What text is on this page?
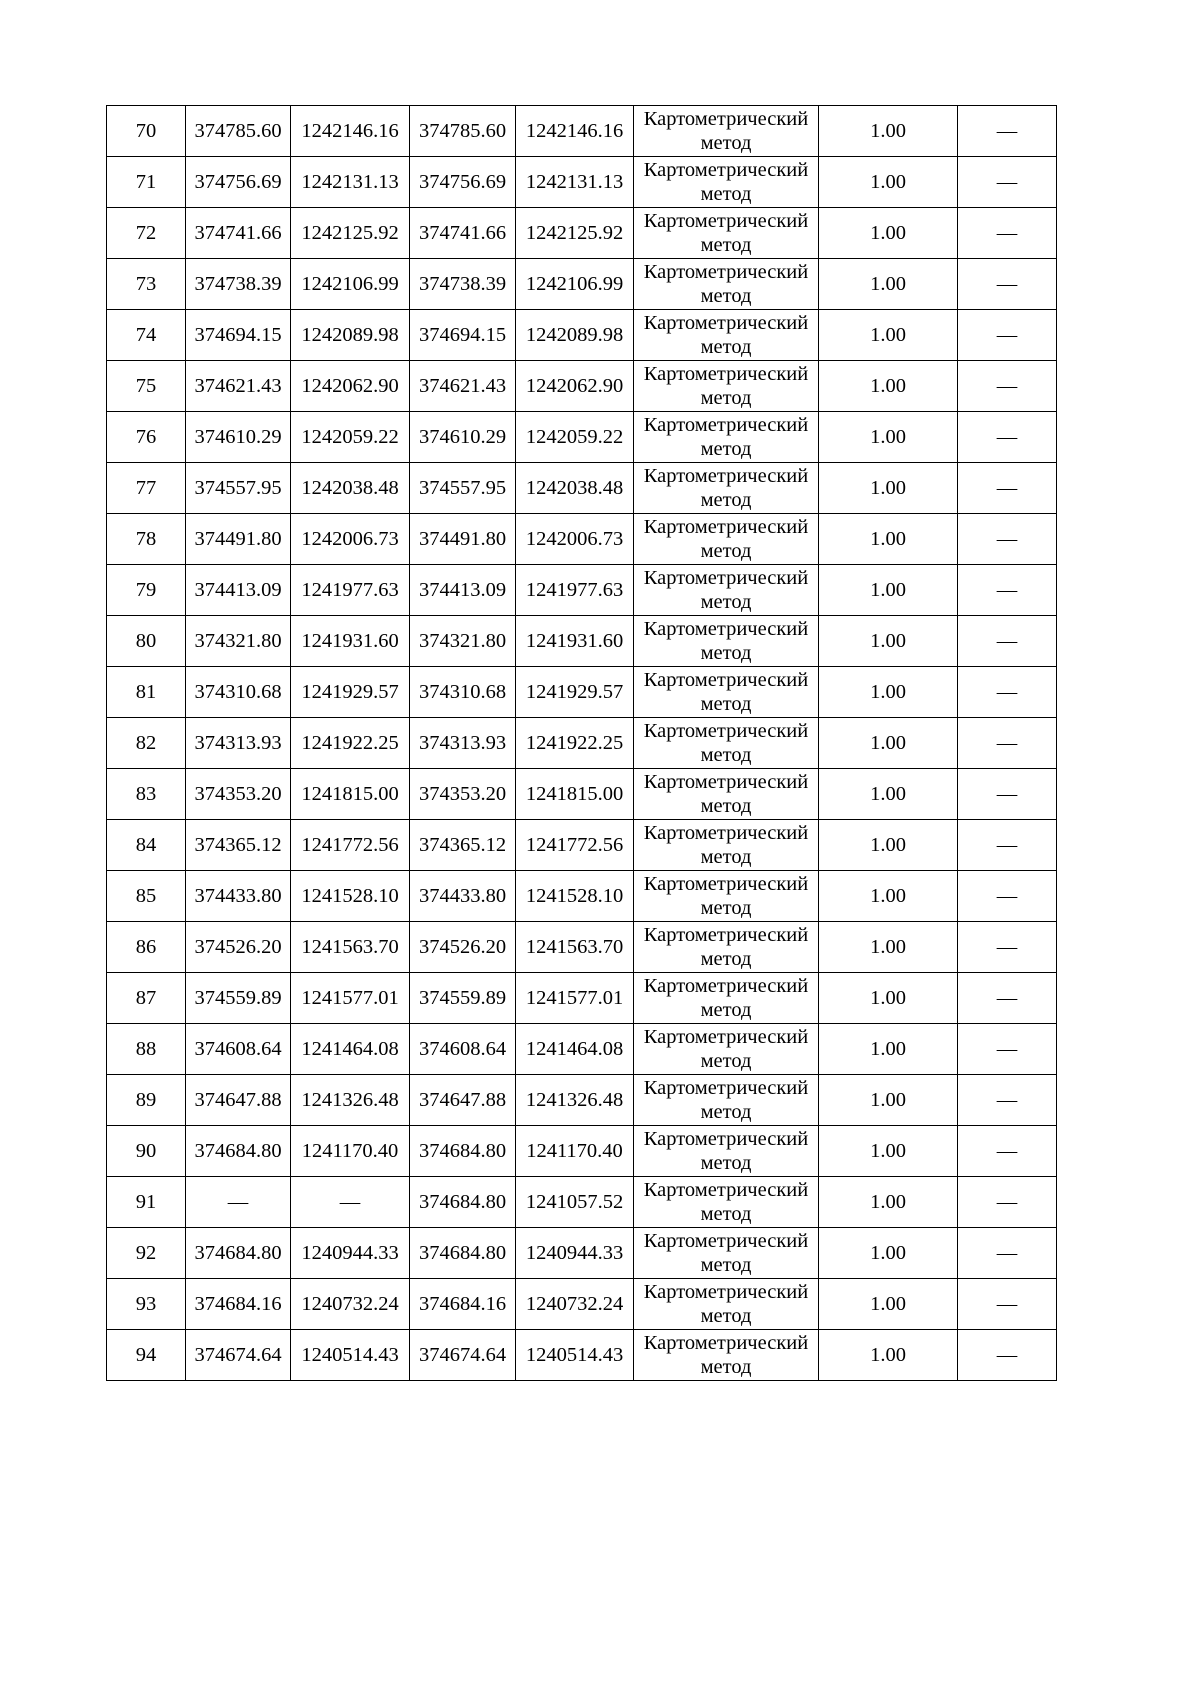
70	374785.60	1242146.16	374785.60	1242146.16	Картометрический
метод	1.00	—
71	374756.69	1242131.13	374756.69	1242131.13	Картометрический
метод	1.00	—
72	374741.66	1242125.92	374741.66	1242125.92	Картометрический
метод	1.00	—
73	374738.39	1242106.99	374738.39	1242106.99	Картометрический
метод	1.00	—
74	374694.15	1242089.98	374694.15	1242089.98	Картометрический
метод	1.00	—
75	374621.43	1242062.90	374621.43	1242062.90	Картометрический
метод	1.00	—
76	374610.29	1242059.22	374610.29	1242059.22	Картометрический
метод	1.00	—
77	374557.95	1242038.48	374557.95	1242038.48	Картометрический
метод	1.00	—
78	374491.80	1242006.73	374491.80	1242006.73	Картометрический
метод	1.00	—
79	374413.09	1241977.63	374413.09	1241977.63	Картометрический
метод	1.00	—
80	374321.80	1241931.60	374321.80	1241931.60	Картометрический
метод	1.00	—
81	374310.68	1241929.57	374310.68	1241929.57	Картометрический
метод	1.00	—
82	374313.93	1241922.25	374313.93	1241922.25	Картометрический
метод	1.00	—
83	374353.20	1241815.00	374353.20	1241815.00	Картометрический
метод	1.00	—
84	374365.12	1241772.56	374365.12	1241772.56	Картометрический
метод	1.00	—
85	374433.80	1241528.10	374433.80	1241528.10	Картометрический
метод	1.00	—
86	374526.20	1241563.70	374526.20	1241563.70	Картометрический
метод	1.00	—
87	374559.89	1241577.01	374559.89	1241577.01	Картометрический
метод	1.00	—
88	374608.64	1241464.08	374608.64	1241464.08	Картометрический
метод	1.00	—
89	374647.88	1241326.48	374647.88	1241326.48	Картометрический
метод	1.00	—
90	374684.80	1241170.40	374684.80	1241170.40	Картометрический
метод	1.00	—
91	—	—	374684.80	1241057.52	Картометрический
метод	1.00	—
92	374684.80	1240944.33	374684.80	1240944.33	Картометрический
метод	1.00	—
93	374684.16	1240732.24	374684.16	1240732.24	Картометрический
метод	1.00	—
94	374674.64	1240514.43	374674.64	1240514.43	Картометрический
метод	1.00	—
